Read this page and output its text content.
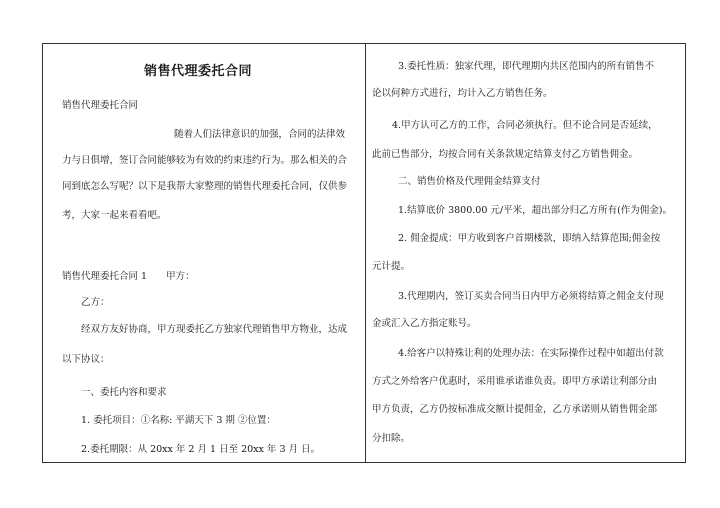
销售代理委托合同
销售代理委托合同
随着人们法律意识的加强，合同的法律效
力与日俱增，签订合同能够较为有效的约束违约行为。那么相关的合
同到底怎么写呢？以下是我帮大家整理的销售代理委托合同，仅供参
考，大家一起来看看吧。
销售代理委托合同 1　　甲方：
乙方：
经双方友好协商，甲方现委托乙方独家代理销售甲方物业，达成
以下协议：
一、委托内容和要求
1. 委托项目：①名称: 平湖天下 3 期 ②位置：
2.委托期限：从 20xx 年 2 月 1 日至 20xx 年 3 月 日。
3.委托性质：独家代理，即代理期内共区范围内的所有销售不
论以何种方式进行，均计入乙方销售任务。
4.甲方认可乙方的工作，合同必须执行。但不论合同是否延续，
此前已售部分，均按合同有关条款规定结算支付乙方销售佣金。
二、销售价格及代理佣金结算支付
1.结算底价 3800.00 元/平米，超出部分归乙方所有(作为佣金)。
2. 佣金提成：甲方收到客户首期楼款，即纳入结算范围;佣金按
元计提。
3.代理期内，签订买卖合同当日内甲方必须将结算之佣金支付现
金或汇入乙方指定账号。
4.给客户以特殊让利的处理办法：在实际操作过程中如超出付款
方式之外给客户优惠时，采用谁承诺谁负责。即甲方承诺让利部分由
甲方负责，乙方仍按标准成交额计提佣金，乙方承诺则从销售佣金部
分扣除。
